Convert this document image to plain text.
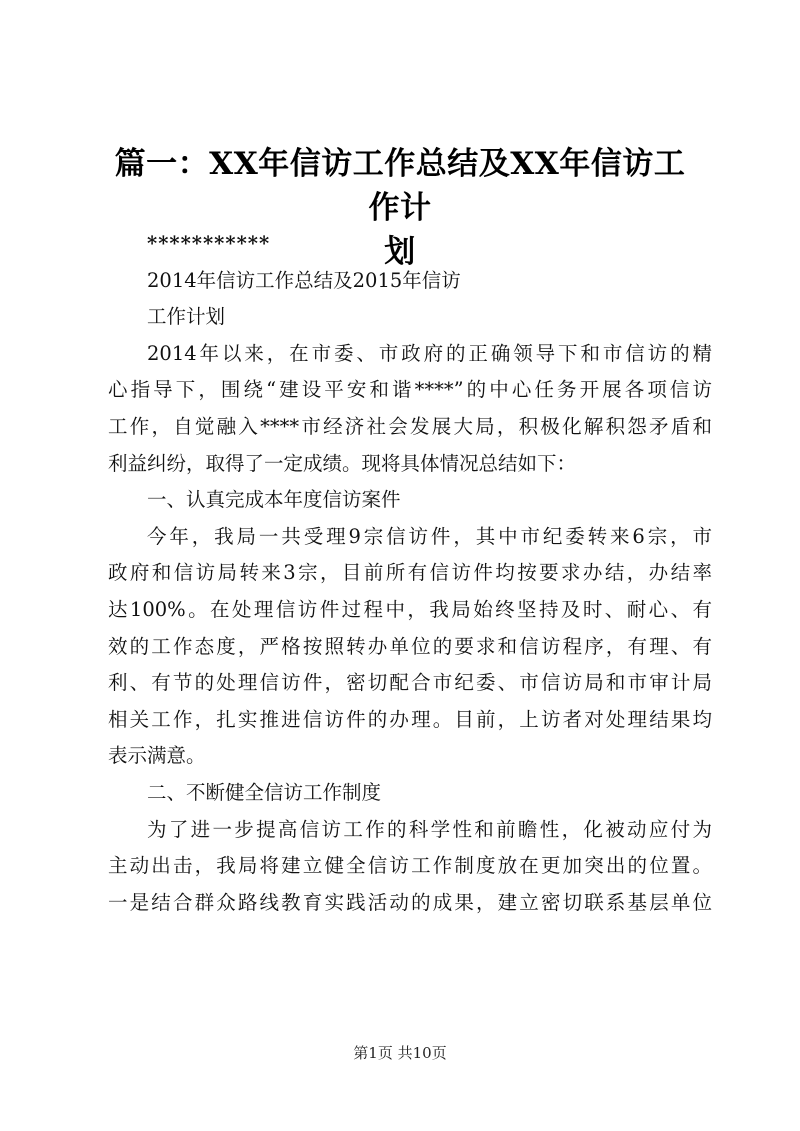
篇一：XX年信访工作总结及XX年信访工作计
划
***********
2014年信访工作总结及2015年信访
工作计划
2014年以来，在市委、市政府的正确领导下和市信访的精
心指导下，围绕“建设平安和谐****”的中心任务开展各项信访
工作，自觉融入****市经济社会发展大局，积极化解积怨矛盾和
利益纠纷，取得了一定成绩。现将具体情况总结如下：
一、认真完成本年度信访案件
今年，我局一共受理9宗信访件，其中市纪委转来6宗，市
政府和信访局转来3宗，目前所有信访件均按要求办结，办结率
达100%。在处理信访件过程中，我局始终坚持及时、耐心、有
效的工作态度，严格按照转办单位的要求和信访程序，有理、有
利、有节的处理信访件，密切配合市纪委、市信访局和市审计局
相关工作，扎实推进信访件的办理。目前，上访者对处理结果均
表示满意。
二、不断健全信访工作制度
为了进一步提高信访工作的科学性和前瞻性，化被动应付为
主动出击，我局将建立健全信访工作制度放在更加突出的位置。
一是结合群众路线教育实践活动的成果，建立密切联系基层单位
第1页 共10页
